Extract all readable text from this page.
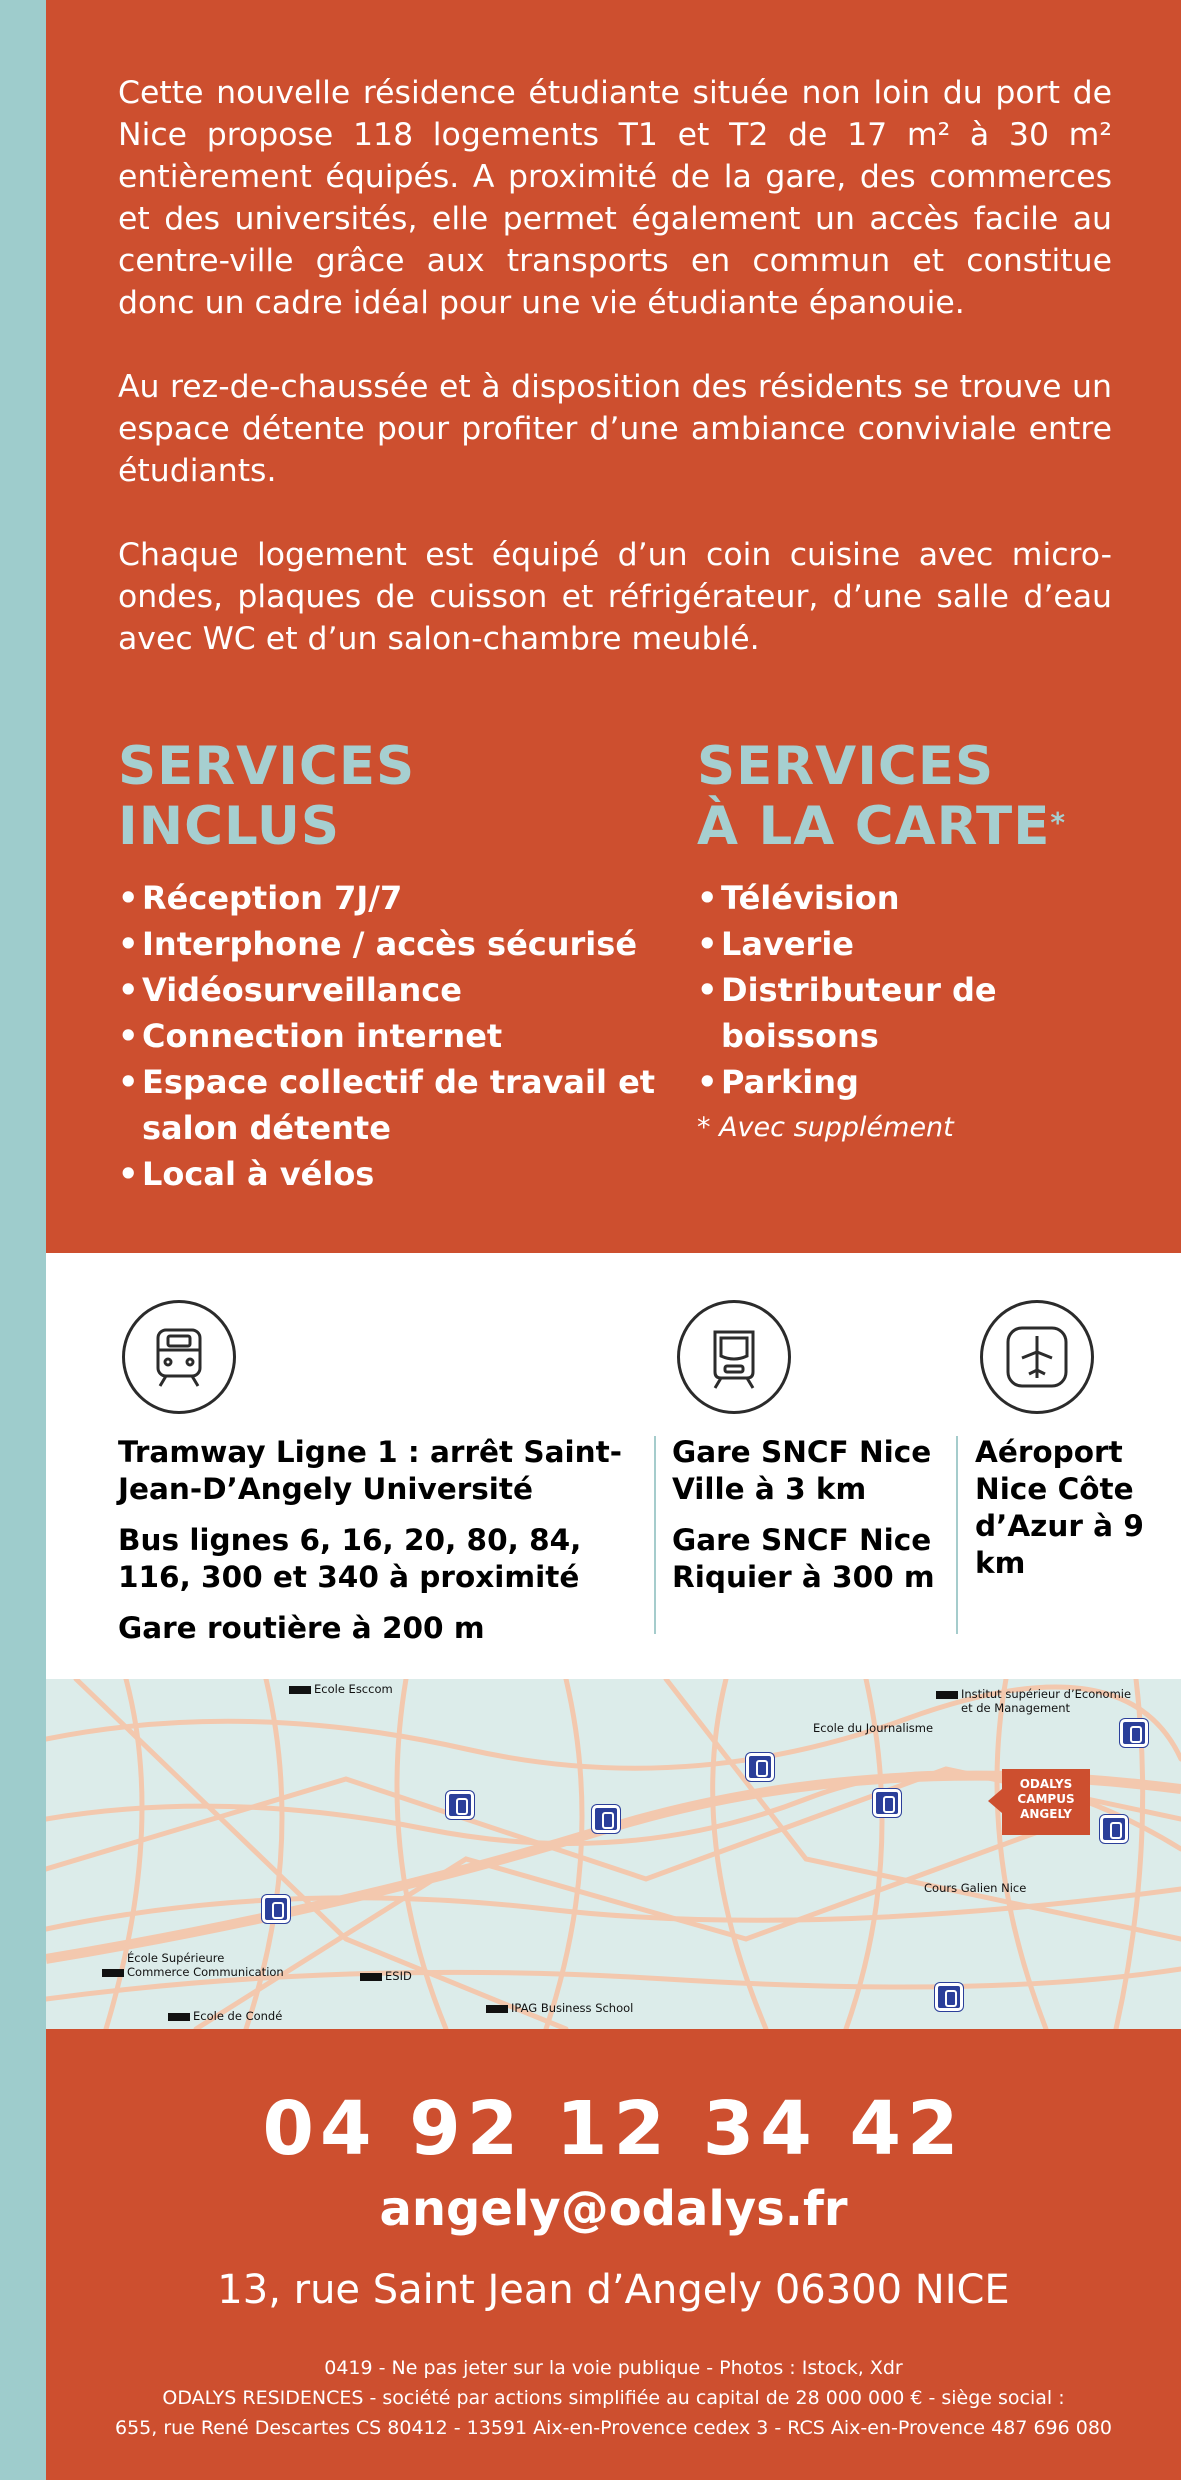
Cette nouvelle résidence étudiante située non loin du port de Nice propose 118 logements T1 et T2 de 17 m² à 30 m² entièrement équipés. A proximité de la gare, des commerces et des universités, elle permet également un accès facile au centre-ville grâce aux transports en commun et constitue donc un cadre idéal pour une vie étudiante épanouie.

Au rez-de-chaussée et à disposition des résidents se trouve un espace détente pour profiter d’une ambiance conviviale entre étudiants.

Chaque logement est équipé d’un coin cuisine avec micro-ondes, plaques de cuisson et réfrigérateur, d’une salle d’eau avec WC et d’un salon-chambre meublé.

SERVICES
INCLUS
• Réception 7J/7
• Interphone / accès sécurisé
• Vidéosurveillance
• Connection internet
• Espace collectif de travail et salon détente
• Local à vélos
SERVICES
À LA CARTE*
• Télévision
• Laverie
• Distributeur de boissons
• Parking
* Avec supplément

Tramway Ligne 1 : arrêt Saint-Jean-D’Angely Université

Bus lignes 6, 16, 20, 80, 84, 116, 300 et 340 à proximité

Gare routière à 200 m

Gare SNCF Nice Ville à 3 km

Gare SNCF Nice Riquier à 300 m

Aéroport Nice Côte d’Azur à 9 km

ODALYS
CAMPUS
ANGELY
Ecole Esccom	Institut supérieur d’Economie
et de Management
Ecole du Journalisme
Cours Galien Nice
École Supérieure
Commerce Communication	ESID
IPAG Business School
Ecole de Condé
04 92 12 34 42
angely@odalys.fr
13, rue Saint Jean d’Angely 06300 NICE
0419 - Ne pas jeter sur la voie publique - Photos : Istock, Xdr
ODALYS RESIDENCES - société par actions simplifiée au capital de 28 000 000 € - siège social :
655, rue René Descartes CS 80412 - 13591 Aix-en-Provence cedex 3 - RCS Aix-en-Provence 487 696 080
